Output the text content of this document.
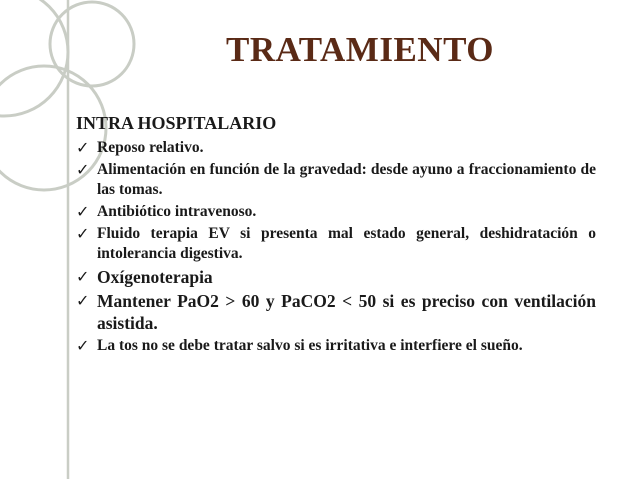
TRATAMIENTO
INTRA HOSPITALARIO
✓ Reposo relativo.
✓ Alimentación en función de la gravedad: desde ayuno a fraccionamiento de las tomas.
✓ Antibiótico intravenoso.
✓ Fluido terapia EV si presenta mal estado general, deshidratación o intolerancia digestiva.
✓ Oxígenoterapia
✓ Mantener PaO2 > 60 y PaCO2 < 50 si es preciso con ventilación asistida.
✓ La tos no se debe tratar salvo si es irritativa e interfiere el sueño.
